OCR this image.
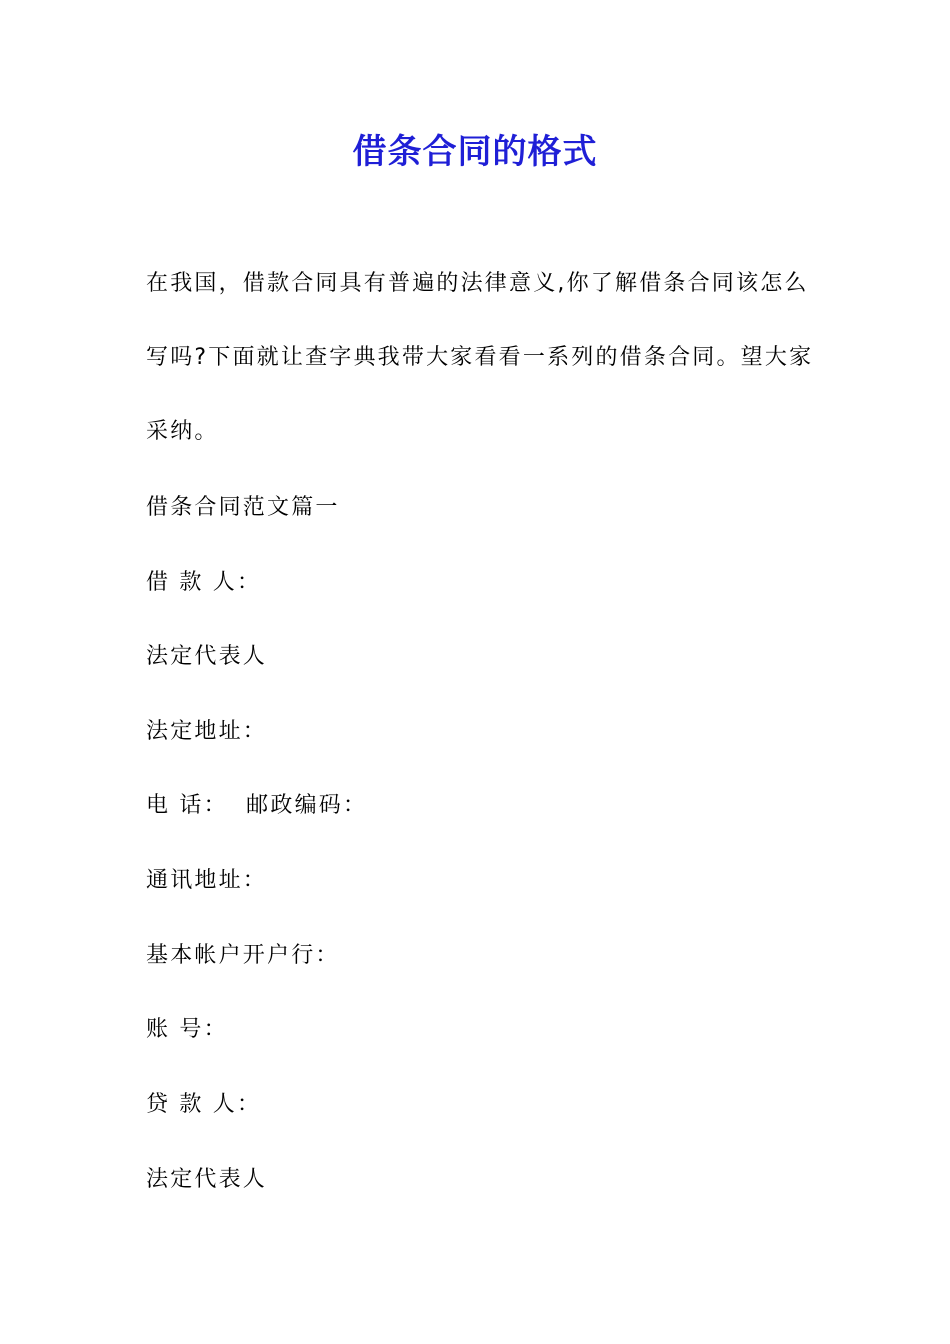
借条合同的格式
在我国，借款合同具有普遍的法律意义,你了解借条合同该怎么
写吗?下面就让查字典我带大家看看一系列的借条合同。望大家
采纳。
借条合同范文篇一
借 款 人：
法定代表人
法定地址：
电 话：  邮政编码：
通讯地址：
基本帐户开户行：
账 号：
贷 款 人：
法定代表人
